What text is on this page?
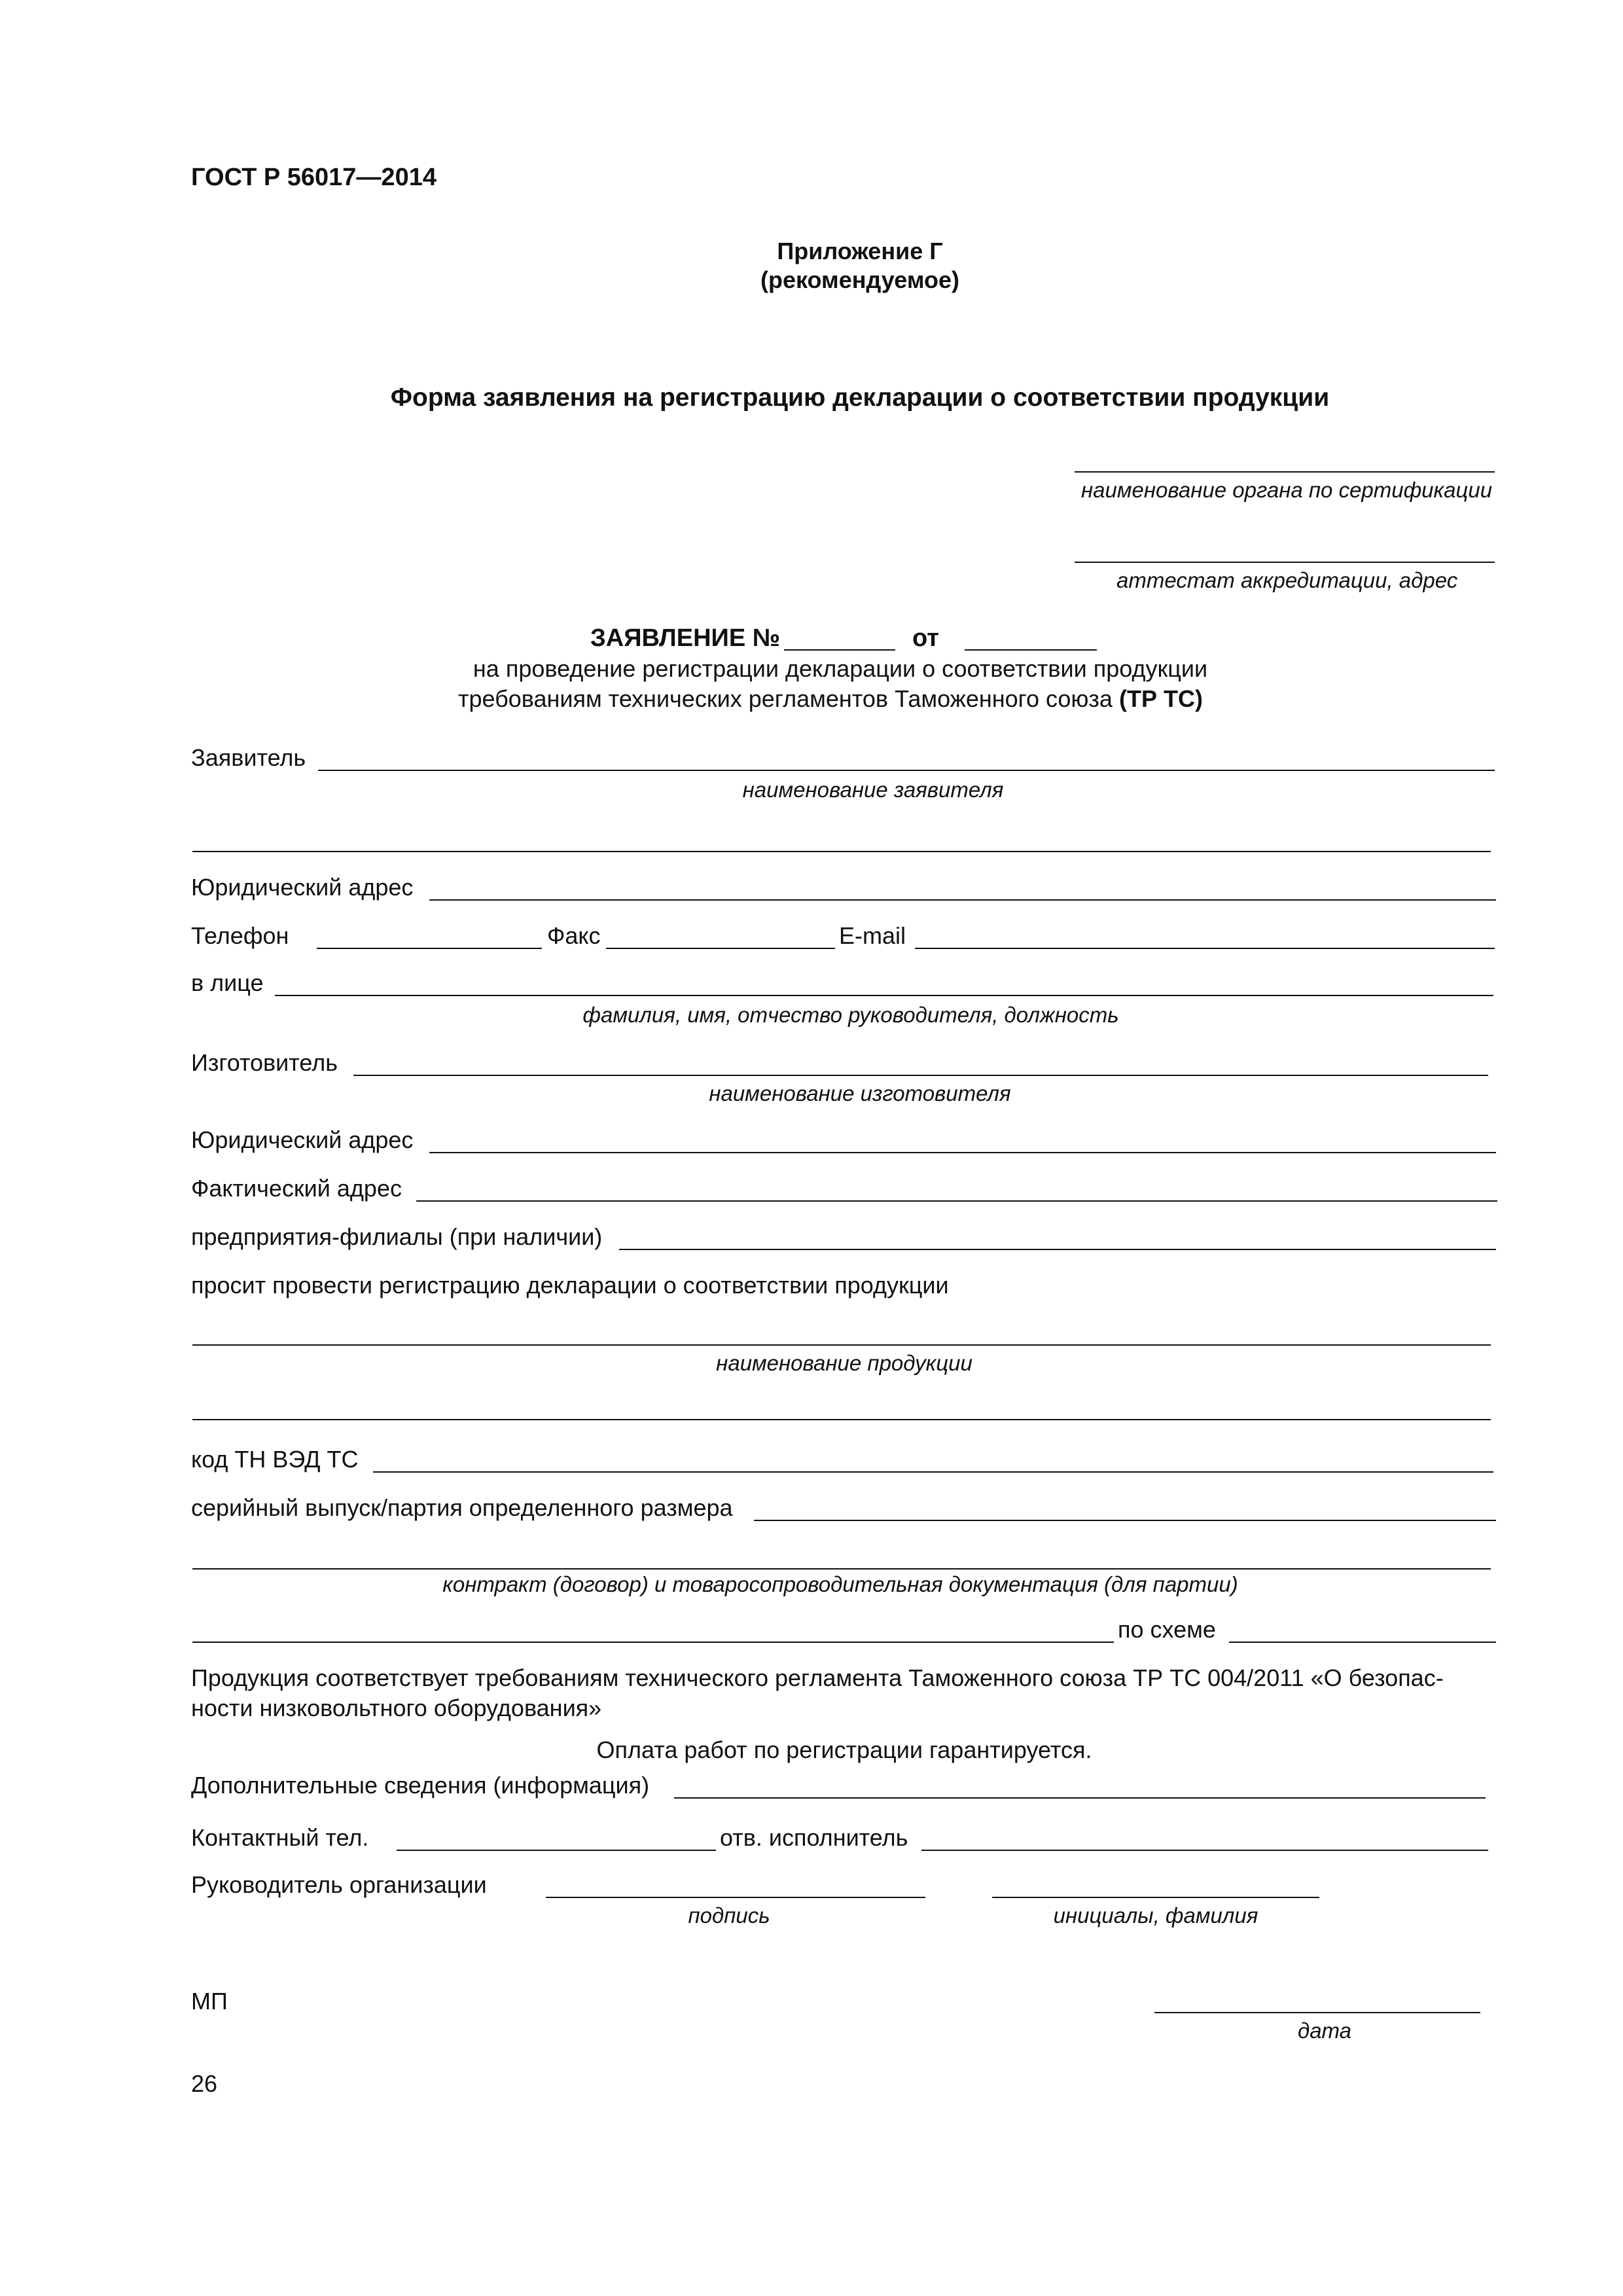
ГОСТ Р 56017—2014
Приложение Г
(рекомендуемое)
Форма заявления на регистрацию декларации о соответствии продукции
наименование органа по сертификации
аттестат аккредитации, адрес
ЗАЯВЛЕНИЕ №	от
на проведение регистрации декларации о соответствии продукции
требованиям технических регламентов Таможенного союза (ТР ТС)
Заявитель
наименование заявителя
Юридический адрес
Телефон	Факс	E-mail
в лице
фамилия, имя, отчество руководителя, должность
Изготовитель
наименование изготовителя
Юридический адрес
Фактический адрес
предприятия-филиалы (при наличии)
просит провести регистрацию декларации о соответствии продукции
наименование продукции
код ТН ВЭД ТС
серийный выпуск/партия определенного размера
контракт (договор) и товаросопроводительная документация (для партии)
по схеме
Продукция соответствует требованиям технического регламента Таможенного союза ТР ТС 004/2011 «О безопас-
ности низковольтного оборудования»
Оплата работ по регистрации гарантируется.
Дополнительные сведения (информация)
Контактный тел.	отв. исполнитель
Руководитель организации
подпись	инициалы, фамилия
МП
дата
26
